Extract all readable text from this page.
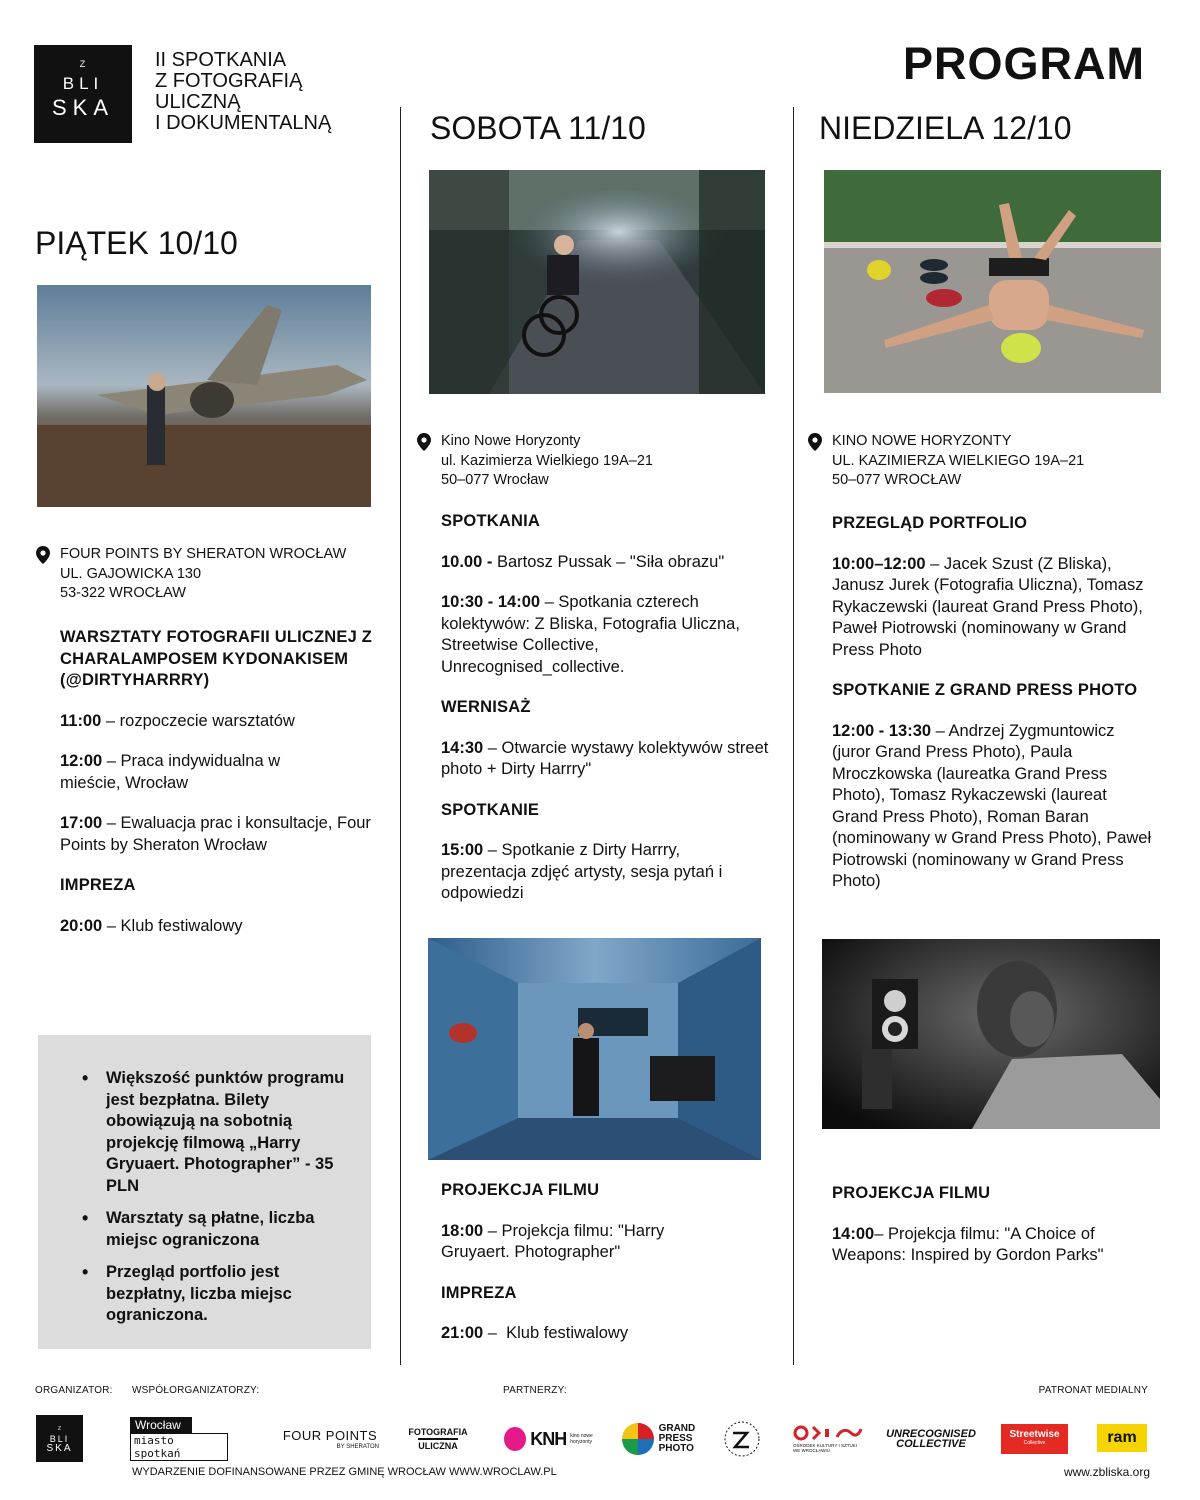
Z
BLI
SKA
II SPOTKANIA
Z FOTOGRAFIĄ
ULICZNĄ
I DOKUMENTALNĄ
PROGRAM
PIĄTEK 10/10
FOUR POINTS BY SHERATON WROCŁAW
UL. GAJOWICKA 130
53-322 WROCŁAW
WARSZTATY FOTOGRAFII ULICZNEJ Z CHARALAMPOSEM KYDONAKISEM (@DIRTYHARRRY)
11:00 – rozpoczecie warsztatów
12:00 – Praca indywidualna w mieście, Wrocław
17:00 – Ewaluacja prac i konsultacje, Four Points by Sheraton Wrocław
IMPREZA
20:00 – Klub festiwalowy
• Większość punktów programu jest bezpłatna. Bilety obowiązują na sobotnią projekcję filmową „Harry Gryuaert. Photographer” - 35 PLN
• Warsztaty są płatne, liczba miejsc ograniczona
• Przegląd portfolio jest bezpłatny, liczba miejsc ograniczona.
SOBOTA 11/10
Kino Nowe Horyzonty
ul. Kazimierza Wielkiego 19A–21
50–077 Wrocław
SPOTKANIA
10.00 - Bartosz Pussak – "Siła obrazu"
10:30 - 14:00 – Spotkania czterech kolektywów: Z Bliska, Fotografia Uliczna, Streetwise Collective, Unrecognised_collective.
WERNISAŻ
14:30 – Otwarcie wystawy kolektywów street photo + Dirty Harrry"
SPOTKANIE
15:00 – Spotkanie z Dirty Harrry, prezentacja zdjęć artysty, sesja pytań i odpowiedzi
PROJEKCJA FILMU
18:00 – Projekcja filmu: "Harry Gruyaert. Photographer"
IMPREZA
21:00 –  Klub festiwalowy
NIEDZIELA 12/10
KINO NOWE HORYZONTY
UL. KAZIMIERZA WIELKIEGO 19A–21
50–077 WROCŁAW
PRZEGLĄD PORTFOLIO
10:00–12:00 – Jacek Szust (Z Bliska), Janusz Jurek (Fotografia Uliczna), Tomasz Rykaczewski (laureat Grand Press Photo), Paweł Piotrowski (nominowany w Grand Press Photo
SPOTKANIE Z GRAND PRESS PHOTO
12:00 - 13:30 – Andrzej Zygmuntowicz (juror Grand Press Photo), Paula Mroczkowska (laureatka Grand Press Photo), Tomasz Rykaczewski (laureat Grand Press Photo), Roman Baran (nominowany w Grand Press Photo), Paweł Piotrowski (nominowany w Grand Press Photo)
PROJEKCJA FILMU
14:00– Projekcja filmu: "A Choice of Weapons: Inspired by Gordon Parks"
ORGANIZATOR: WSPÓŁORGANIZATORZY:	PARTNERZY:	PATRONAT MEDIALNY
Z
BLI
SKA
Wrocław
miasto spotkań
FOUR POINTS
BY SHERATON
FOTOGRAFIA
ULICZNA	KNH kino nowe horyzonty
GRAND PRESS PHOTO	OŚRODEK KULTURY I SZTUKI WE WROCŁAWIU
UNRECOGNISED
COLLECTIVE
Streetwise
Collective	ram
WYDARZENIE DOFINANSOWANE PRZEZ GMINĘ WROCŁAW WWW.WROCLAW.PL	www.zbliska.org
